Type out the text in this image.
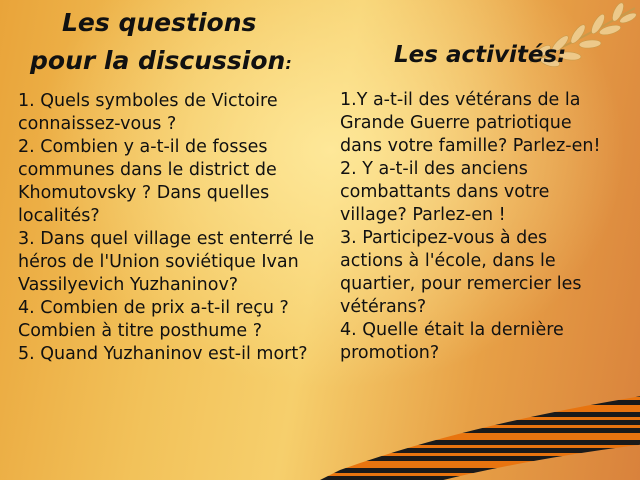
Les questions
pour la discussion:	Les activités:

1. Quels symboles de Victoire connaissez-vous ?

2. Combien y a-t-il de fosses communes dans le district de Khomutovsky ? Dans quelles localités?

3. Dans quel village est enterré le héros de l'Union soviétique Ivan Vassilyevich Yuzhaninov?

4. Combien de prix a-t-il reçu ? Combien à titre posthume ?

5. Quand Yuzhaninov est-il mort?

1.Y a-t-il des vétérans de la Grande Guerre patriotique dans votre famille? Parlez-en!

2. Y a-t-il des anciens combattants dans votre village? Parlez-en !

3. Participez-vous à des actions à l'école, dans le quartier, pour remercier les vétérans?

4. Quelle était la dernière promotion?
